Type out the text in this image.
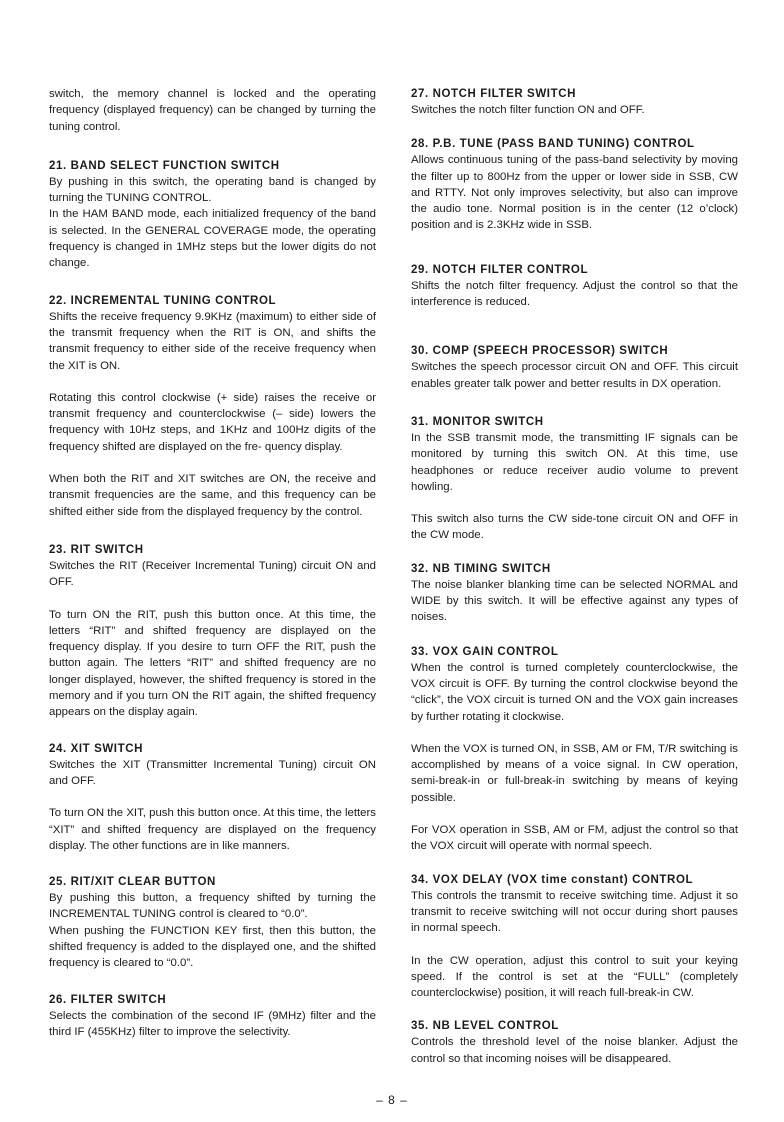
switch, the memory channel is locked and the operating frequency (displayed frequency) can be changed by turning the tuning control.

21. BAND SELECT FUNCTION SWITCH

By pushing in this switch, the operating band is changed by turning the TUNING CONTROL.

In the HAM BAND mode, each initialized frequency of the band is selected. In the GENERAL COVERAGE mode, the operating frequency is changed in 1MHz steps but the lower digits do not change.

22. INCREMENTAL TUNING CONTROL

Shifts the receive frequency 9.9KHz (maximum) to either side of the transmit frequency when the RIT is ON, and shifts the transmit frequency to either side of the receive frequency when the XIT is ON.

Rotating this control clockwise (+ side) raises the receive or transmit frequency and counterclockwise (– side) lowers the frequency with 10Hz steps, and 1KHz and 100Hz digits of the frequency shifted are displayed on the fre- quency display.

When both the RIT and XIT switches are ON, the receive and transmit frequencies are the same, and this frequency can be shifted either side from the displayed frequency by the control.

23. RIT SWITCH

Switches the RIT (Receiver Incremental Tuning) circuit ON and OFF.

To turn ON the RIT, push this button once. At this time, the letters “RIT” and shifted frequency are displayed on the frequency display. If you desire to turn OFF the RIT, push the button again. The letters “RIT” and shifted frequency are no longer displayed, however, the shifted frequency is stored in the memory and if you turn ON the RIT again, the shifted frequency appears on the display again.

24. XIT SWITCH

Switches the XIT (Transmitter Incremental Tuning) circuit ON and OFF.

To turn ON the XIT, push this button once. At this time, the letters “XIT” and shifted frequency are displayed on the frequency display. The other functions are in like manners.

25. RIT/XIT CLEAR BUTTON

By pushing this button, a frequency shifted by turning the INCREMENTAL TUNING control is cleared to “0.0”.

When pushing the FUNCTION KEY first, then this button, the shifted frequency is added to the displayed one, and the shifted frequency is cleared to “0.0”.

26. FILTER SWITCH

Selects the combination of the second IF (9MHz) filter and the third IF (455KHz) filter to improve the selectivity.

27. NOTCH FILTER SWITCH

Switches the notch filter function ON and OFF.

28. P.B. TUNE (PASS BAND TUNING) CONTROL

Allows continuous tuning of the pass-band selectivity by moving the filter up to 800Hz from the upper or lower side in SSB, CW and RTTY. Not only improves selectivity, but also can improve the audio tone. Normal position is in the center (12 o’clock) position and is 2.3KHz wide in SSB.

29. NOTCH FILTER CONTROL

Shifts the notch filter frequency. Adjust the control so that the interference is reduced.

30. COMP (SPEECH PROCESSOR) SWITCH

Switches the speech processor circuit ON and OFF. This circuit enables greater talk power and better results in DX operation.

31. MONITOR SWITCH

In the SSB transmit mode, the transmitting IF signals can be monitored by turning this switch ON. At this time, use headphones or reduce receiver audio volume to prevent howling.

This switch also turns the CW side-tone circuit ON and OFF in the CW mode.

32. NB TIMING SWITCH

The noise blanker blanking time can be selected NORMAL and WIDE by this switch. It will be effective against any types of noises.

33. VOX GAIN CONTROL

When the control is turned completely counterclockwise, the VOX circuit is OFF. By turning the control clockwise beyond the “click”, the VOX circuit is turned ON and the VOX gain increases by further rotating it clockwise.

When the VOX is turned ON, in SSB, AM or FM, T/R switching is accomplished by means of a voice signal. In CW operation, semi-break-in or full-break-in switching by means of keying possible.

For VOX operation in SSB, AM or FM, adjust the control so that the VOX circuit will operate with normal speech.

34. VOX DELAY (VOX time constant) CONTROL

This controls the transmit to receive switching time. Adjust it so transmit to receive switching will not occur during short pauses in normal speech.

In the CW operation, adjust this control to suit your keying speed. If the control is set at the “FULL” (completely counterclockwise) position, it will reach full-break-in CW.

35. NB LEVEL CONTROL

Controls the threshold level of the noise blanker. Adjust the control so that incoming noises will be disappeared.

– 8 –
